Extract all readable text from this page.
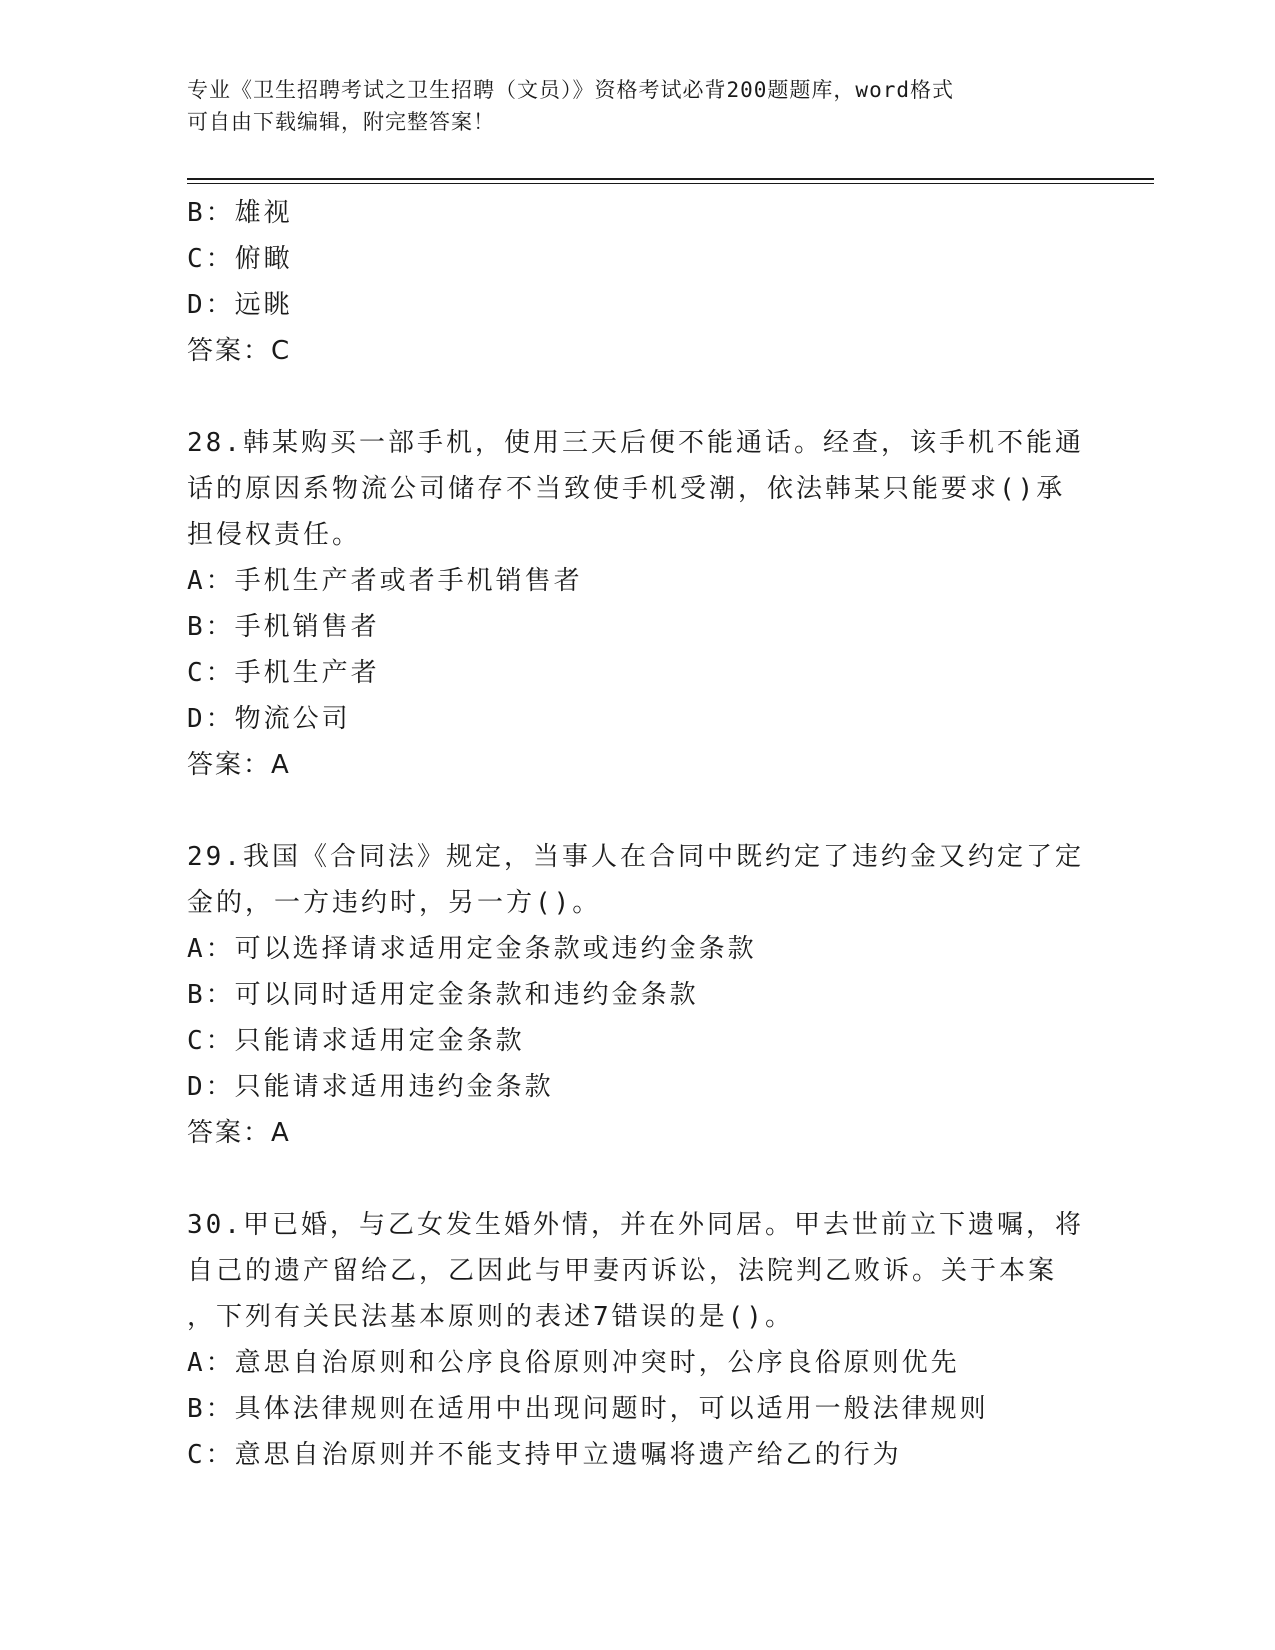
专业《卫生招聘考试之卫生招聘（文员）》资格考试必背200题题库，word格式
可自由下载编辑，附完整答案！
B：雄视
C：俯瞰
D：远眺
答案：C
28.韩某购买一部手机，使用三天后便不能通话。经查，该手机不能通
话的原因系物流公司储存不当致使手机受潮，依法韩某只能要求()承
担侵权责任。
A：手机生产者或者手机销售者
B：手机销售者
C：手机生产者
D：物流公司
答案：A
29.我国《合同法》规定，当事人在合同中既约定了违约金又约定了定
金的，一方违约时，另一方()。
A：可以选择请求适用定金条款或违约金条款
B：可以同时适用定金条款和违约金条款
C：只能请求适用定金条款
D：只能请求适用违约金条款
答案：A
30.甲已婚，与乙女发生婚外情，并在外同居。甲去世前立下遗嘱，将
自己的遗产留给乙，乙因此与甲妻丙诉讼，法院判乙败诉。关于本案
，下列有关民法基本原则的表述7错误的是()。
A：意思自治原则和公序良俗原则冲突时，公序良俗原则优先
B：具体法律规则在适用中出现问题时，可以适用一般法律规则
C：意思自治原则并不能支持甲立遗嘱将遗产给乙的行为
